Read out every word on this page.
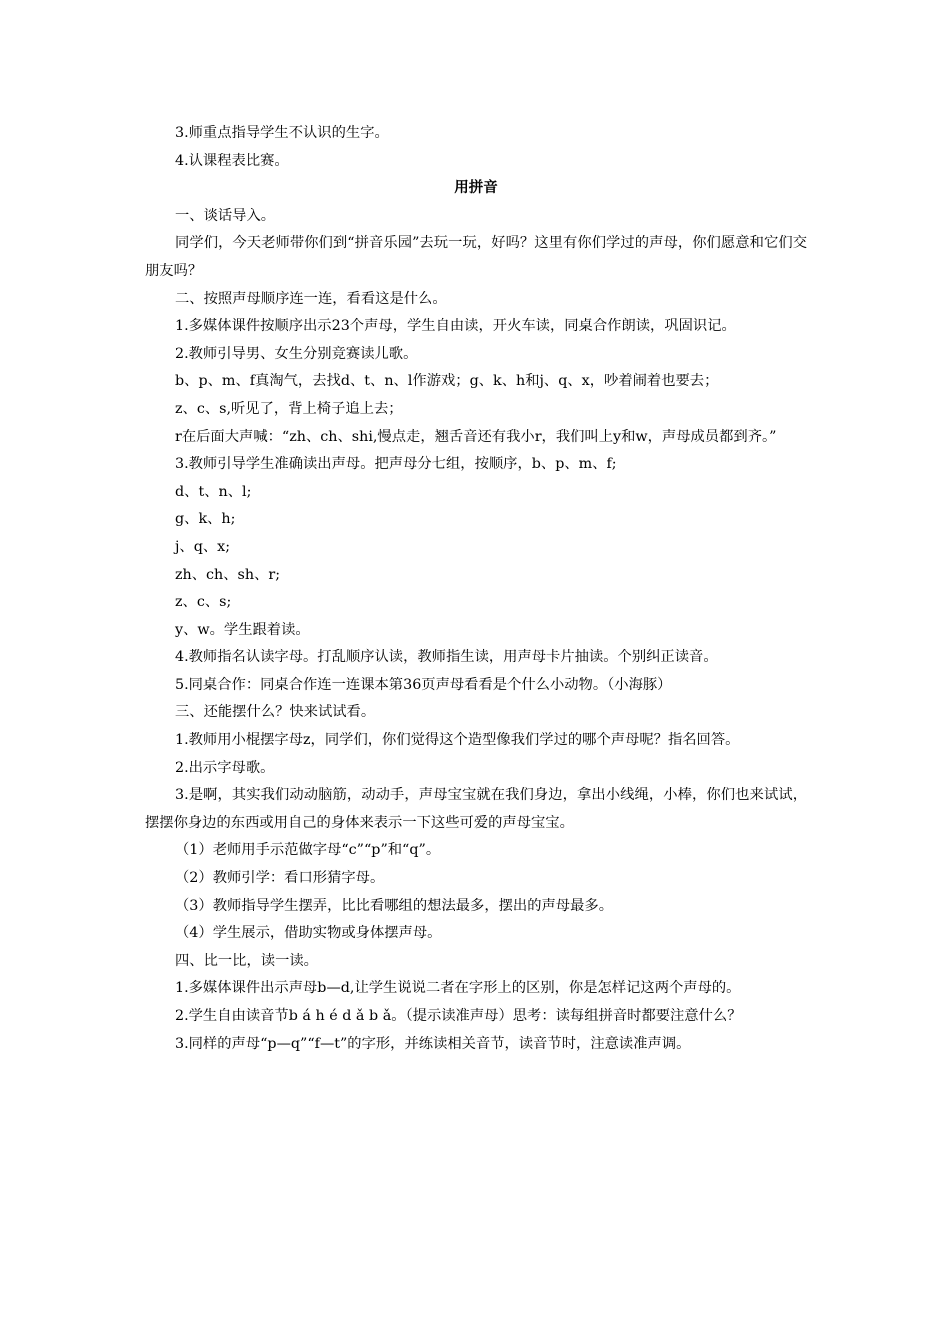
3.师重点指导学生不认识的生字。

4.认课程表比赛。

用拼音

一、谈话导入。

同学们，今天老师带你们到“拼音乐园”去玩一玩，好吗？这里有你们学过的声母，你们愿意和它们交朋友吗？

二、按照声母顺序连一连，看看这是什么。

1.多媒体课件按顺序出示23个声母，学生自由读，开火车读，同桌合作朗读，巩固识记。

2.教师引导男、女生分别竞赛读儿歌。

b、p、m、f真淘气，去找d、t、n、l作游戏；g、k、h和j、q、x，吵着闹着也要去；

z、c、s,听见了，背上椅子追上去；

r在后面大声喊：“zh、ch、shi,慢点走，翘舌音还有我小r，我们叫上y和w，声母成员都到齐。”

3.教师引导学生准确读出声母。把声母分七组，按顺序，b、p、m、f;

d、t、n、l;

g、k、h;

j、q、x;

zh、ch、sh、r;

z、c、s;

y、w。学生跟着读。

4.教师指名认读字母。打乱顺序认读，教师指生读，用声母卡片抽读。个别纠正读音。

5.同桌合作：同桌合作连一连课本第36页声母看看是个什么小动物。（小海豚）

三、还能摆什么？快来试试看。

1.教师用小棍摆字母z，同学们，你们觉得这个造型像我们学过的哪个声母呢？指名回答。

2.出示字母歌。

3.是啊，其实我们动动脑筋，动动手，声母宝宝就在我们身边，拿出小线绳，小棒，你们也来试试，摆摆你身边的东西或用自己的身体来表示一下这些可爱的声母宝宝。

（1）老师用手示范做字母“c”“p”和“q”。

（2）教师引学：看口形猜字母。

（3）教师指导学生摆弄，比比看哪组的想法最多，摆出的声母最多。

（4）学生展示，借助实物或身体摆声母。

四、比一比，读一读。

1.多媒体课件出示声母b—d,让学生说说二者在字形上的区别，你是怎样记这两个声母的。

2.学生自由读音节b á h é d ǎ b ǎ。（提示读准声母）思考：读每组拼音时都要注意什么？

3.同样的声母“p—q”“f—t”的字形，并练读相关音节，读音节时，注意读准声调。
